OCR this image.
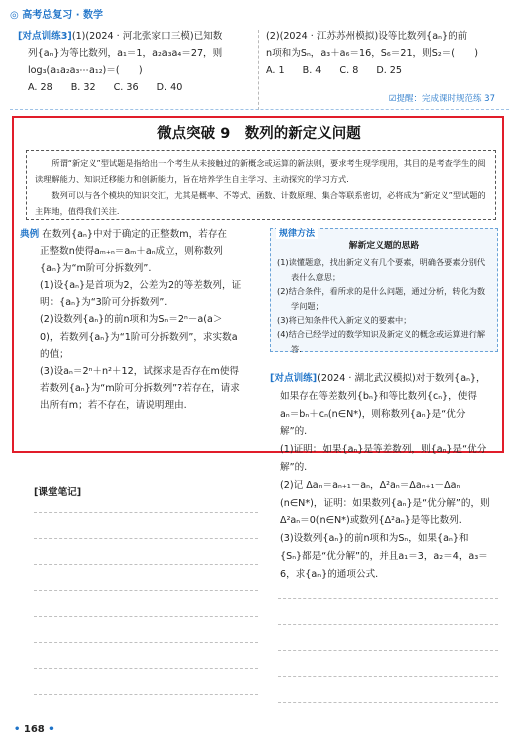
◎ 高考总复习 · 数学

[对点训练3](1)(2024 · 河北张家口三模)已知数

列{aₙ}为等比数列，a₁＝1，a₂a₃a₄＝27，则

log₃(a₁a₂a₃⋯a₁₂)＝(　　)

A. 28 B. 32 C. 36 D. 40

(2)(2024 · 江苏苏州模拟)设等比数列{aₙ}的前

n项和为Sₙ，a₃＋a₆＝16，S₆＝21，则S₂＝(　　)

A. 1 B. 4 C. 8 D. 25

☑提醒：完成课时规范练 37
微点突破 9　数列的新定义问题

　　所谓“新定义”型试题是指给出一个考生从未接触过的新概念或运算的新法则，要求考生现学现用，其目的是考查学生的阅读理解能力、知识迁移能力和创新能力，旨在培养学生自主学习、主动探究的学习方式.

　　数列可以与各个模块的知识交汇，尤其是概率、不等式、函数、计数原理、集合等联系密切，必将成为“新定义”型试题的主阵地，值得我们关注.

典例 在数列{aₙ}中对于确定的正整数m，若存在

正整数n使得aₘ₊ₙ＝aₘ＋aₙ成立，则称数列

{aₙ}为“m阶可分拆数列”.

(1)设{aₙ}是首项为2，公差为2的等差数列，证

明：{aₙ}为“3阶可分拆数列”.

(2)设数列{aₙ}的前n项和为Sₙ＝2ⁿ－a(a＞

0)，若数列{aₙ}为“1阶可分拆数列”，求实数a

的值；

(3)设aₙ＝2ⁿ＋n²＋12，试探求是否存在m使得

若数列{aₙ}为“m阶可分拆数列”?若存在，请求

出所有m；若不存在，请说明理由.

解新定义题的思路

(1)读懂题意，找出新定义有几个要素，明确各要素分别代表什么意思；

(2)结合条件，看所求的是什么问题，通过分析，转化为数学问题；

(3)将已知条件代入新定义的要素中；

(4)结合已经学过的数学知识及新定义的概念或运算进行解答.

规律方法

[对点训练](2024 · 湖北武汉模拟)对于数列{aₙ}，

如果存在等差数列{bₙ}和等比数列{cₙ}，使得

aₙ＝bₙ＋cₙ(n∈N*)，则称数列{aₙ}是“优分

解”的.

(1)证明：如果{aₙ}是等差数列，则{aₙ}是“优分

解”的.

(2)记 Δaₙ＝aₙ₊₁－aₙ，Δ²aₙ＝Δaₙ₊₁－Δaₙ

(n∈N*)，证明：如果数列{aₙ}是“优分解”的，则

Δ²aₙ＝0(n∈N*)或数列{Δ²aₙ}是等比数列.

(3)设数列{aₙ}的前n项和为Sₙ，如果{aₙ}和

{Sₙ}都是“优分解”的，并且a₁＝3，a₂＝4，a₃＝

6，求{aₙ}的通项公式.

[课堂笔记]
• 168 •
